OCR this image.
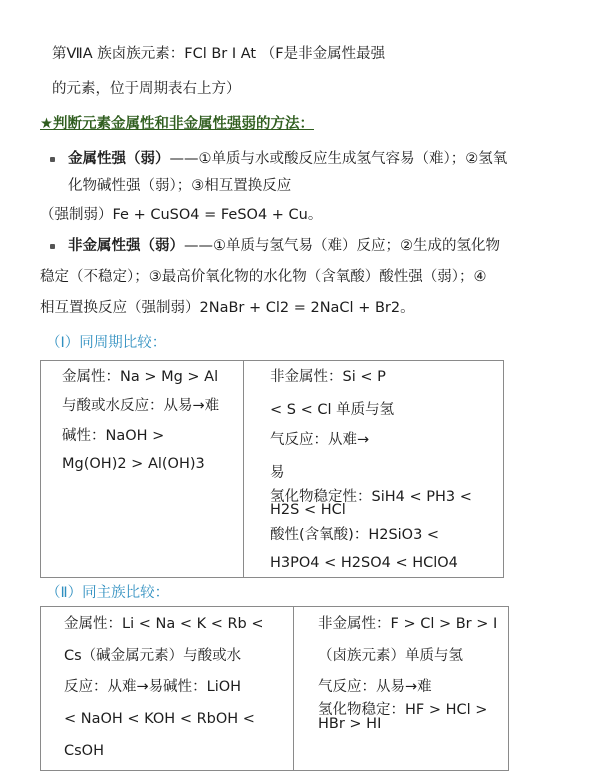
第ⅦA 族卤族元素：FCl Br I At （F是非金属性最强
的元素，位于周期表右上方）
★判断元素金属性和非金属性强弱的方法：
金属性强（弱）——①单质与水或酸反应生成氢气容易（难）；②氢氧
化物碱性强（弱）；③相互置换反应
（强制弱）Fe + CuSO4 = FeSO4 + Cu。
非金属性强（弱）——①单质与氢气易（难）反应；②生成的氢化物
稳定（不稳定）；③最高价氧化物的水化物（含氧酸）酸性强（弱）；④
相互置换反应（强制弱）2NaBr + Cl2 = 2NaCl + Br2。
（Ⅰ）同周期比较：
金属性：Na > Mg > Al
与酸或水反应：从易→难
碱性：NaOH >
Mg(OH)2 > Al(OH)3
非金属性：Si < P
< S < Cl 单质与氢
气反应：从难→
易
氢化物稳定性：SiH4 < PH3 <
H2S < HCl
酸性(含氧酸)：H2SiO3 <
H3PO4 < H2SO4 < HClO4
（Ⅱ）同主族比较：
金属性：Li < Na < K < Rb <
Cs（碱金属元素）与酸或水
反应：从难→易碱性：LiOH
< NaOH < KOH < RbOH <
CsOH
非金属性：F > Cl > Br > I
（卤族元素）单质与氢
气反应：从易→难
氢化物稳定：HF > HCl >
HBr > HI
